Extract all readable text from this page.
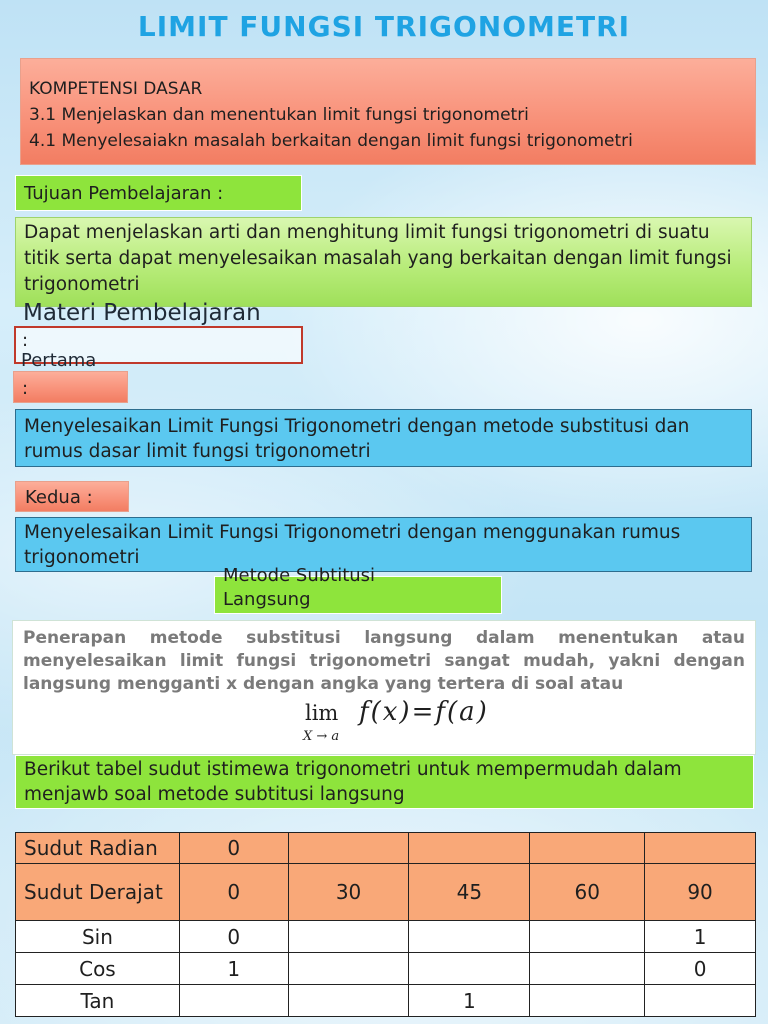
LIMIT FUNGSI TRIGONOMETRI
KOMPETENSI DASAR
3.1 Menjelaskan dan menentukan limit fungsi trigonometri
4.1 Menyelesaiakn masalah berkaitan dengan limit fungsi trigonometri
Tujuan Pembelajaran :
Dapat menjelaskan arti dan menghitung limit fungsi trigonometri di suatu titik serta dapat menyelesaikan masalah yang berkaitan dengan limit fungsi trigonometri
Materi Pembelajaran
:
Pertama
:
Menyelesaikan Limit Fungsi Trigonometri dengan metode substitusi dan rumus dasar limit fungsi trigonometri
Kedua :
Menyelesaikan Limit Fungsi Trigonometri dengan menggunakan rumus trigonometri
Metode Subtitusi
Langsung
Penerapan metode substitusi langsung dalam menentukan atau menyelesaikan limit fungsi trigonometri sangat mudah, yakni dengan langsung mengganti x dengan angka yang tertera di soal atau
lim
X → a
f(x)=f(a)
Berikut tabel sudut istimewa trigonometri untuk mempermudah dalam menjawb soal metode subtitusi langsung
Sudut Radian	0				
Sudut Derajat	0	30	45	60	90
Sin	0				1
Cos	1				0
Tan			1		
